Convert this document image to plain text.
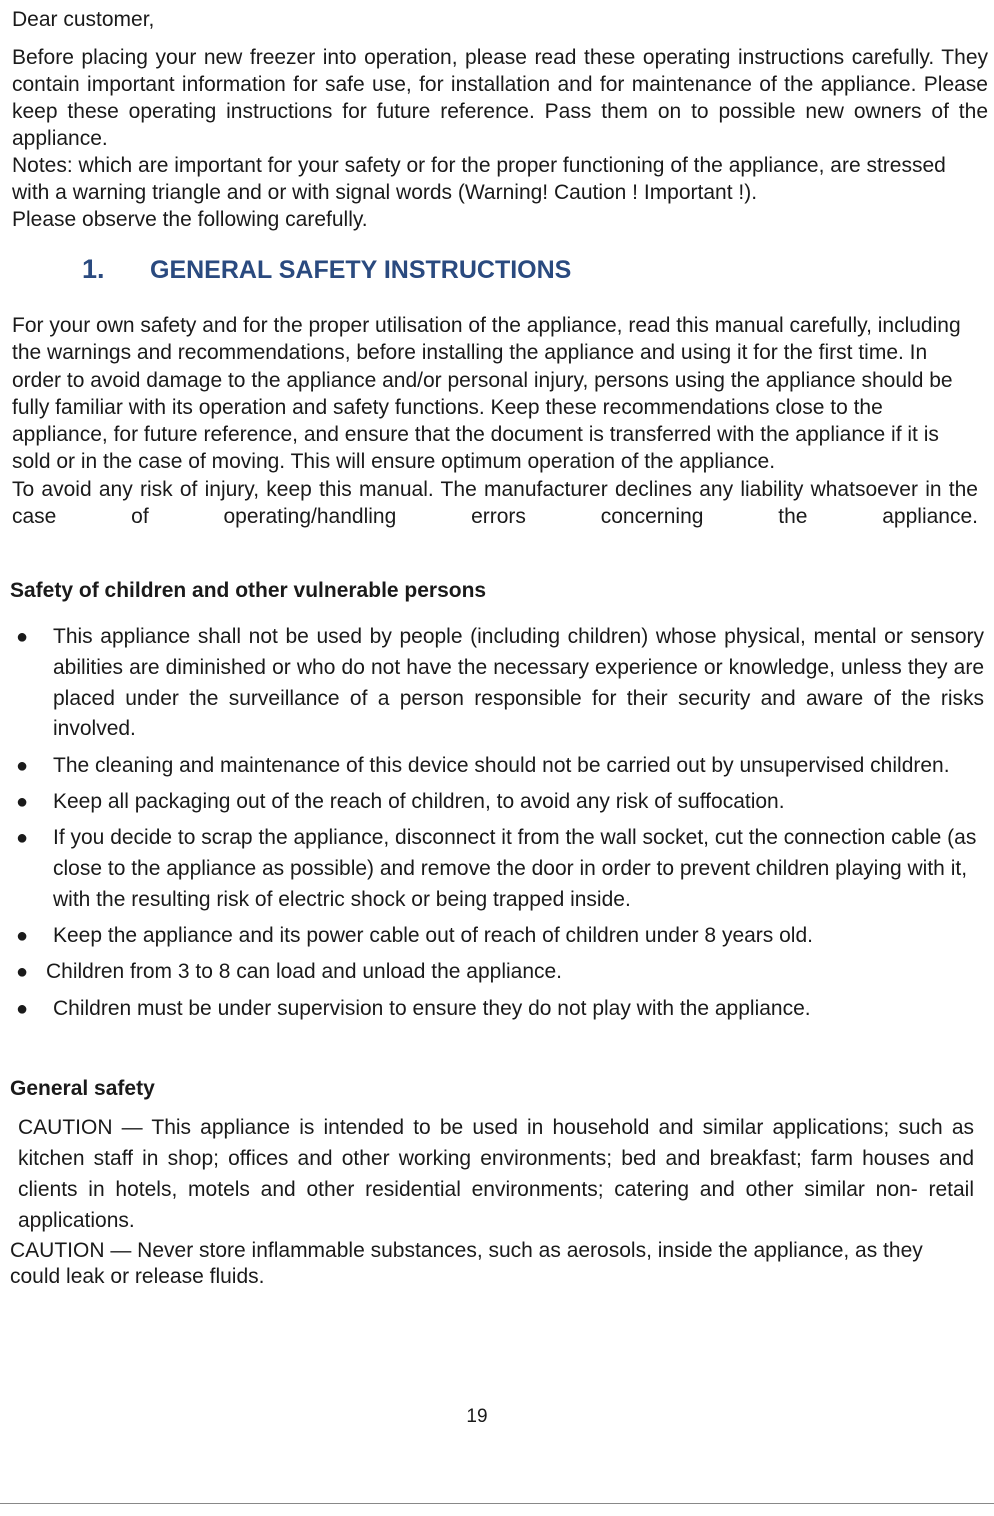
Dear customer,

Before placing your new freezer into operation, please read these operating instructions carefully. They contain important information for safe use, for installation and for maintenance of the appliance. Please keep these operating instructions for future reference. Pass them on to possible new owners of the appliance.

Notes: which are important for your safety or for the proper functioning of the appliance, are stressed with a warning triangle and or with signal words (Warning! Caution ! Important !).

Please observe the following carefully.

1. GENERAL SAFETY INSTRUCTIONS

For your own safety and for the proper utilisation of the appliance, read this manual carefully, including the warnings and recommendations, before installing the appliance and using it for the first time. In order to avoid damage to the appliance and/or personal injury, persons using the appliance should be fully familiar with its operation and safety functions. Keep these recommendations close to the appliance, for future reference, and ensure that the document is transferred with the appliance if it is sold or in the case of moving. This will ensure optimum operation of the appliance.

To avoid any risk of injury, keep this manual. The manufacturer declines any liability whatsoever in the case of operating/handling errors concerning the appliance.

Safety of children and other vulnerable persons
● This appliance shall not be used by people (including children) whose physical, mental or sensory abilities are diminished or who do not have the necessary experience or knowledge, unless they are placed under the surveillance of a person responsible for their security and aware of the risks involved.
● The cleaning and maintenance of this device should not be carried out by unsupervised children.
● Keep all packaging out of the reach of children, to avoid any risk of suffocation.
● If you decide to scrap the appliance, disconnect it from the wall socket, cut the connection cable (as close to the appliance as possible) and remove the door in order to prevent children playing with it, with the resulting risk of electric shock or being trapped inside.
● Keep the appliance and its power cable out of reach of children under 8 years old.
● Children from 3 to 8 can load and unload the appliance.
● Children must be under supervision to ensure they do not play with the appliance.
General safety
CAUTION — This appliance is intended to be used in household and similar applications; such as kitchen staff in shop; offices and other working environments; bed and breakfast; farm houses and clients in hotels, motels and other residential environments; catering and other similar non- retail applications.
CAUTION — Never store inflammable substances, such as aerosols, inside the appliance, as they could leak or release fluids.
19
